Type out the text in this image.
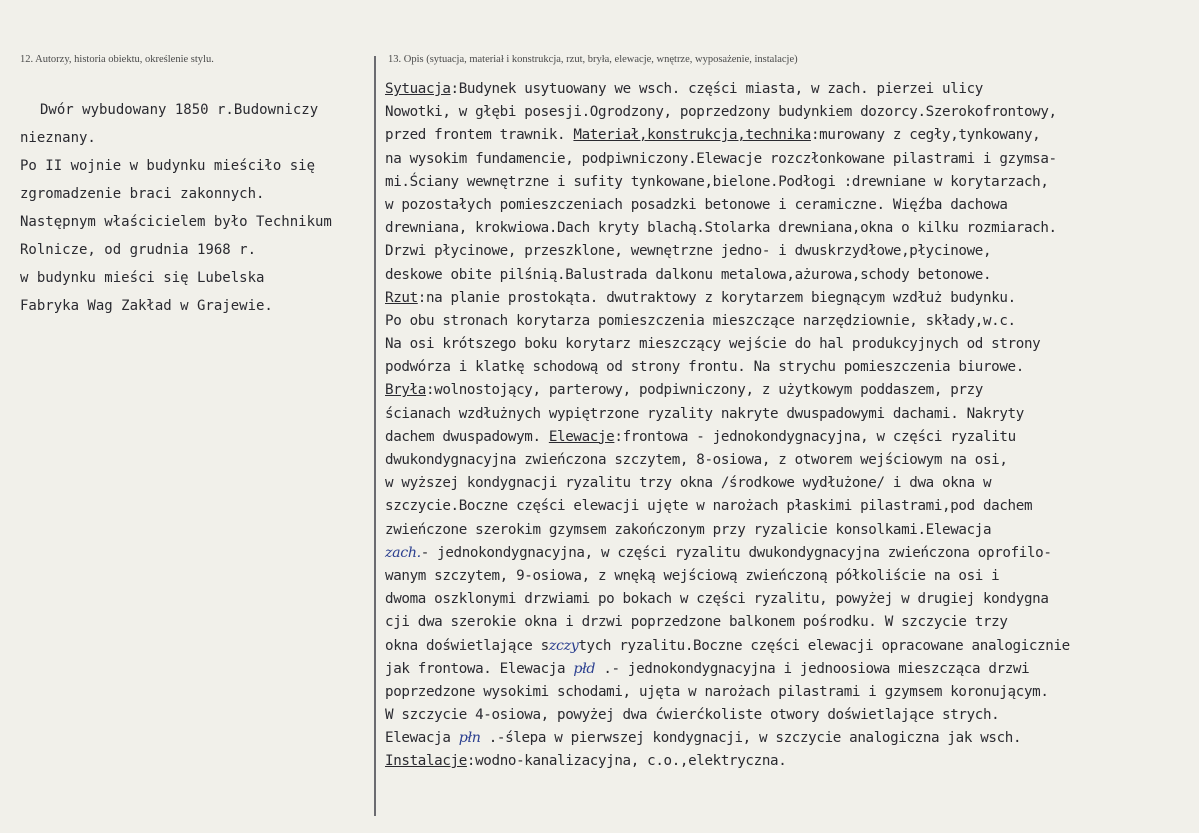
12. Autorzy, historia obiektu, określenie stylu.	13. Opis (sytuacja, materiał i konstrukcja, rzut, bryła, elewacje, wnętrze, wyposażenie, instalacje)
Dwór wybudowany 1850 r.Budowniczy
nieznany.
Po II wojnie w budynku mieściło się
zgromadzenie braci zakonnych.
Następnym właścicielem było Technikum
Rolnicze, od grudnia 1968 r.
w budynku mieści się Lubelska
Fabryka Wag Zakład w Grajewie.
Sytuacja:Budynek usytuowany we wsch. części miasta, w zach. pierzei ulicy
Nowotki, w głębi posesji.Ogrodzony, poprzedzony budynkiem dozorcy.Szerokofrontowy,
przed frontem trawnik. Materiał,konstrukcja,technika:murowany z cegły,tynkowany,
na wysokim fundamencie, podpiwniczony.Elewacje rozczłonkowane pilastrami i gzymsa-
mi.Ściany wewnętrzne i sufity tynkowane,bielone.Podłogi :drewniane w korytarzach,
w pozostałych pomieszczeniach posadzki betonowe i ceramiczne. Więźba dachowa
drewniana, krokwiowa.Dach kryty blachą.Stolarka drewniana,okna o kilku rozmiarach.
Drzwi płycinowe, przeszklone, wewnętrzne jedno- i dwuskrzydłowe,płycinowe,
deskowe obite pilśnią.Balustrada dalkonu metalowa,ażurowa,schody betonowe.
Rzut:na planie prostokąta. dwutraktowy z korytarzem biegnącym wzdłuż budynku.
Po obu stronach korytarza pomieszczenia mieszczące narzędziownie, składy,w.c.
Na osi krótszego boku korytarz mieszczący wejście do hal produkcyjnych od strony
podwórza i klatkę schodową od strony frontu. Na strychu pomieszczenia biurowe.
Bryła:wolnostojący, parterowy, podpiwniczony, z użytkowym poddaszem, przy
ścianach wzdłużnych wypiętrzone ryzality nakryte dwuspadowymi dachami. Nakryty
dachem dwuspadowym. Elewacje:frontowa - jednokondygnacyjna, w części ryzalitu
dwukondygnacyjna zwieńczona szczytem, 8-osiowa, z otworem wejściowym na osi,
w wyższej kondygnacji ryzalitu trzy okna /środkowe wydłużone/ i dwa okna w
szczycie.Boczne części elewacji ujęte w narożach płaskimi pilastrami,pod dachem
zwieńczone szerokim gzymsem zakończonym przy ryzalicie konsolkami.Elewacja
zach.- jednokondygnacyjna, w części ryzalitu dwukondygnacyjna zwieńczona oprofilo-
wanym szczytem, 9-osiowa, z wnęką wejściową zwieńczoną półkoliście na osi i
dwoma oszklonymi drzwiami po bokach w części ryzalitu, powyżej w drugiej kondygna
cji dwa szerokie okna i drzwi poprzedzone balkonem pośrodku. W szczycie trzy
okna doświetlające szczytych ryzalitu.Boczne części elewacji opracowane analogicznie
jak frontowa. Elewacja płd .- jednokondygnacyjna i jednoosiowa mieszcząca drzwi
poprzedzone wysokimi schodami, ujęta w narożach pilastrami i gzymsem koronującym.
W szczycie 4-osiowa, powyżej dwa ćwierćkoliste otwory doświetlające strych.
Elewacja płn .-ślepa w pierwszej kondygnacji, w szczycie analogiczna jak wsch.
Instalacje:wodno-kanalizacyjna, c.o.,elektryczna.
